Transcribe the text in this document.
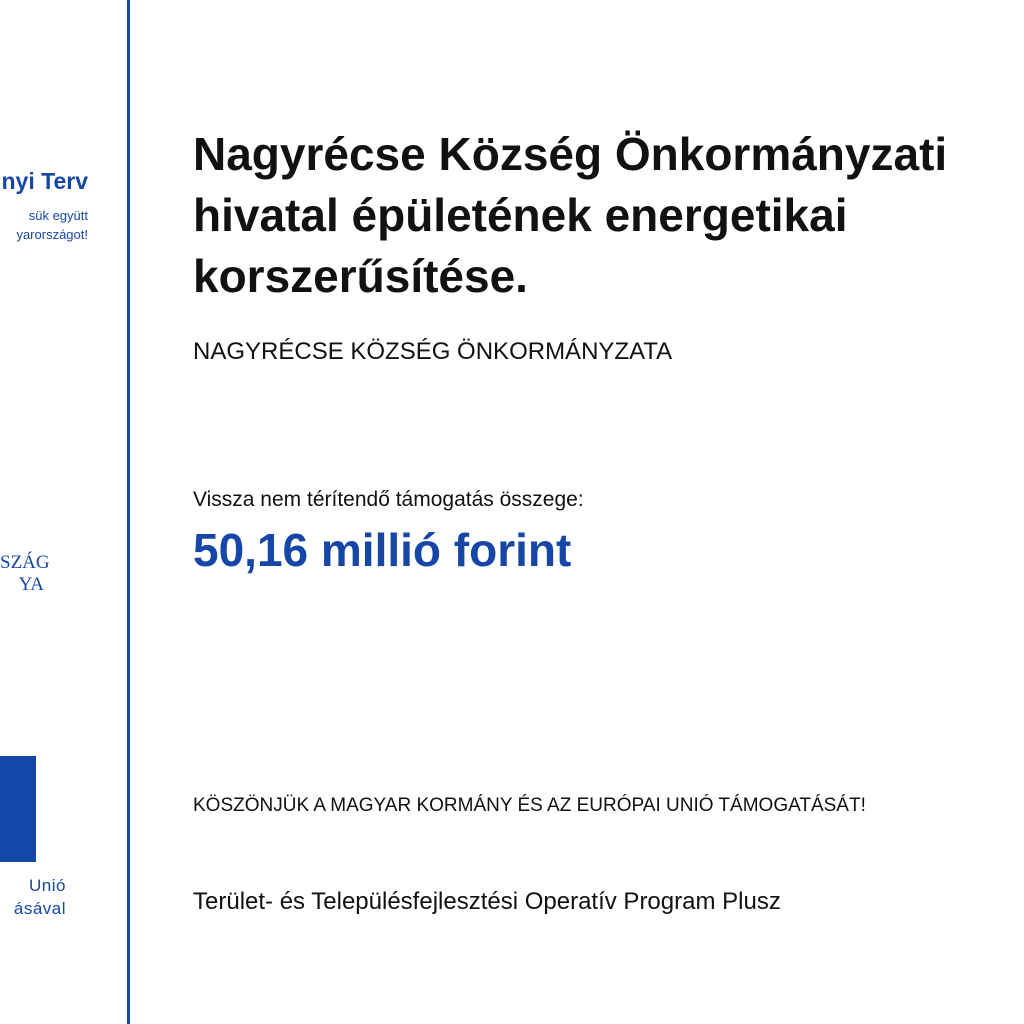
nyi Terv
sük együtt
yarországot!
SZÁG
YA
Unió
ásával
Nagyrécse Község Önkormányzati hivatal épületének energetikai korszerűsítése.
NAGYRÉCSE KÖZSÉG ÖNKORMÁNYZATA
Vissza nem térítendő támogatás összege:
50,16 millió forint
KÖSZÖNJÜK A MAGYAR KORMÁNY ÉS AZ EURÓPAI UNIÓ TÁMOGATÁSÁT!
Terület- és Településfejlesztési Operatív Program Plusz
